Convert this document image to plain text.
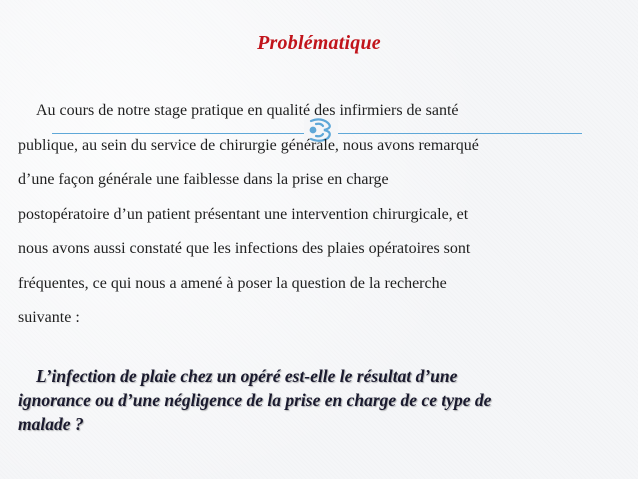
Problématique
Au cours de notre stage pratique en qualité des infirmiers de santé
publique, au sein du service de chirurgie générale, nous avons remarqué
d’une façon générale une faiblesse dans la prise en charge
postopératoire d’un patient présentant une intervention chirurgicale, et
nous avons aussi constaté que les infections des plaies opératoires sont
fréquentes, ce qui nous a amené à poser la question de la recherche
suivante :
L’infection de plaie chez un opéré est-elle le résultat d’une
ignorance ou d’une négligence de la prise en charge de ce type de
malade ?
